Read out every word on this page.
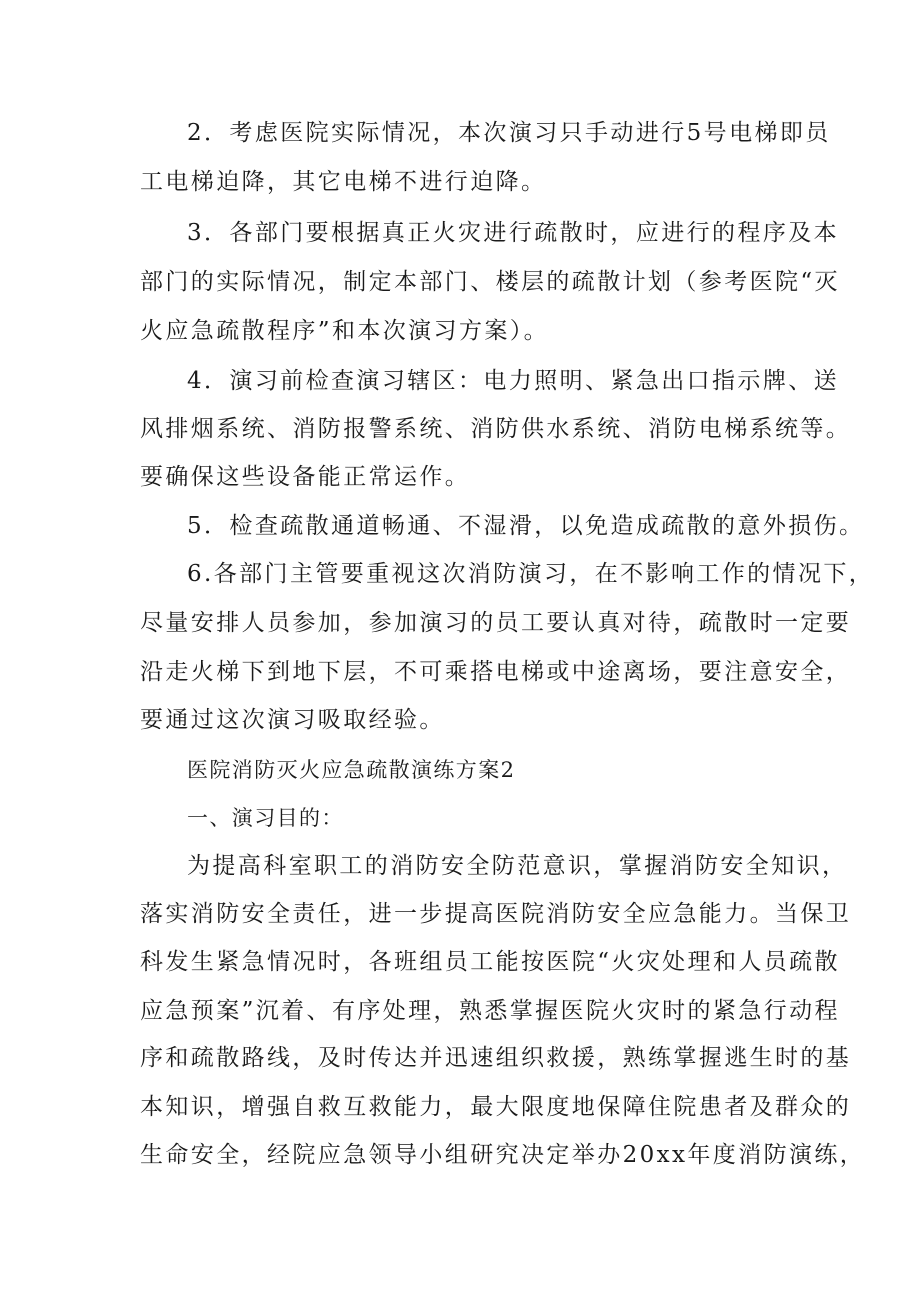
2．考虑医院实际情况，本次演习只手动进行5号电梯即员
工电梯迫降，其它电梯不进行迫降。
3．各部门要根据真正火灾进行疏散时，应进行的程序及本
部门的实际情况，制定本部门、楼层的疏散计划（参考医院“灭
火应急疏散程序”和本次演习方案）。
4．演习前检查演习辖区：电力照明、紧急出口指示牌、送
风排烟系统、消防报警系统、消防供水系统、消防电梯系统等。
要确保这些设备能正常运作。
5．检查疏散通道畅通、不湿滑，以免造成疏散的意外损伤。
6.各部门主管要重视这次消防演习，在不影响工作的情况下，
尽量安排人员参加，参加演习的员工要认真对待，疏散时一定要
沿走火梯下到地下层，不可乘搭电梯或中途离场，要注意安全，
要通过这次演习吸取经验。
医院消防灭火应急疏散演练方案2
一、演习目的：
为提高科室职工的消防安全防范意识，掌握消防安全知识，
落实消防安全责任，进一步提高医院消防安全应急能力。当保卫
科发生紧急情况时，各班组员工能按医院“火灾处理和人员疏散
应急预案”沉着、有序处理，熟悉掌握医院火灾时的紧急行动程
序和疏散路线，及时传达并迅速组织救援，熟练掌握逃生时的基
本知识，增强自救互救能力，最大限度地保障住院患者及群众的
生命安全，经院应急领导小组研究决定举办20xx年度消防演练，
